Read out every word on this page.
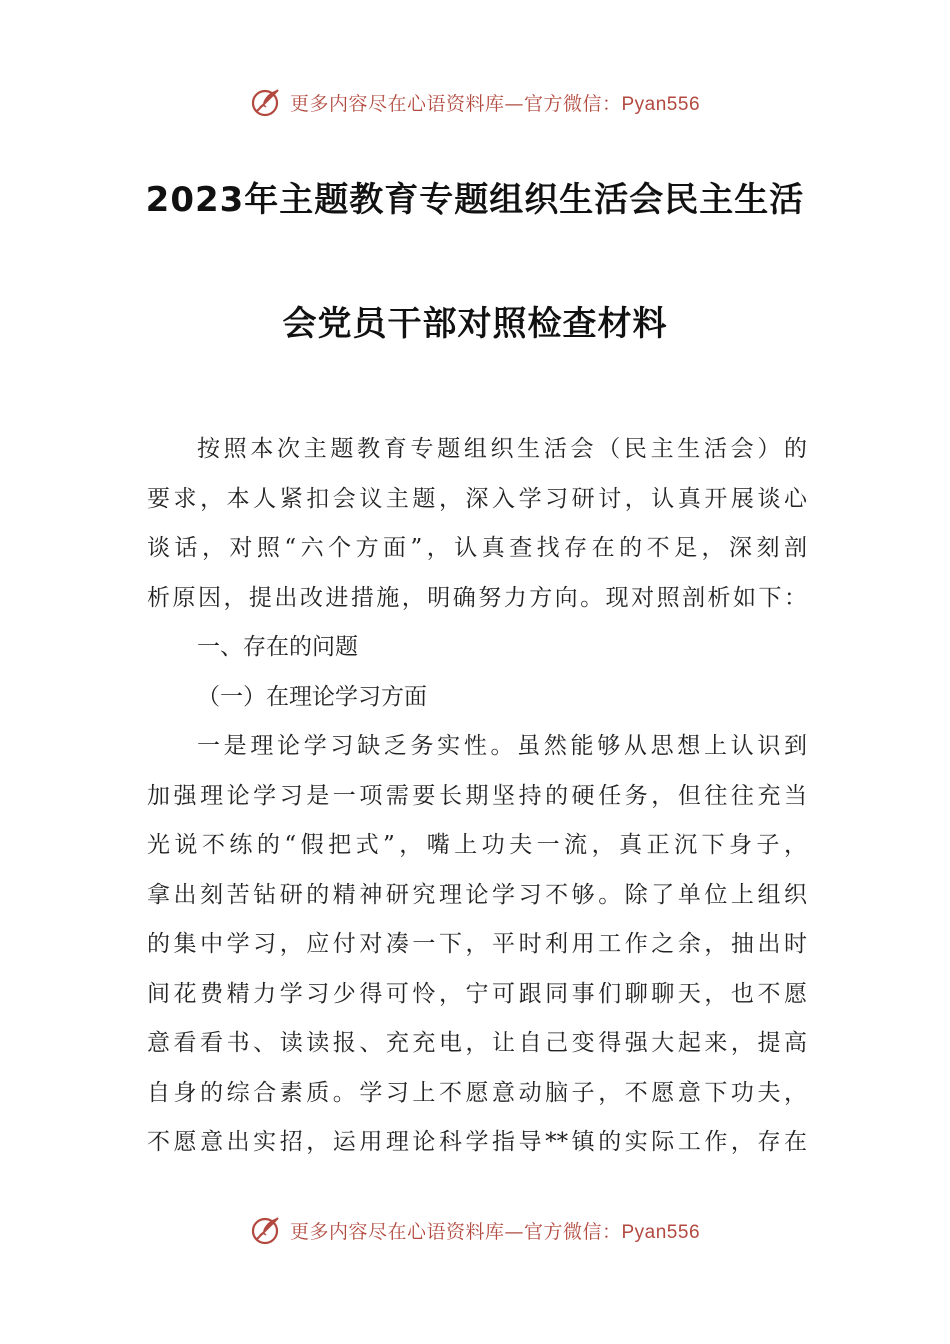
更多内容尽在心语资料库—官方微信：Pyan556
2023年主题教育专题组织生活会民主生活
会党员干部对照检查材料
按照本次主题教育专题组织生活会（民主生活会）的
要求，本人紧扣会议主题，深入学习研讨，认真开展谈心
谈话，对照“六个方面”，认真查找存在的不足，深刻剖
析原因，提出改进措施，明确努力方向。现对照剖析如下：
一、存在的问题
（一）在理论学习方面
一是理论学习缺乏务实性。虽然能够从思想上认识到
加强理论学习是一项需要长期坚持的硬任务，但往往充当
光说不练的“假把式”，嘴上功夫一流，真正沉下身子，
拿出刻苦钻研的精神研究理论学习不够。除了单位上组织
的集中学习，应付对凑一下，平时利用工作之余，抽出时
间花费精力学习少得可怜，宁可跟同事们聊聊天，也不愿
意看看书、读读报、充充电，让自己变得强大起来，提高
自身的综合素质。学习上不愿意动脑子，不愿意下功夫，
不愿意出实招，运用理论科学指导**镇的实际工作，存在
更多内容尽在心语资料库—官方微信：Pyan556
